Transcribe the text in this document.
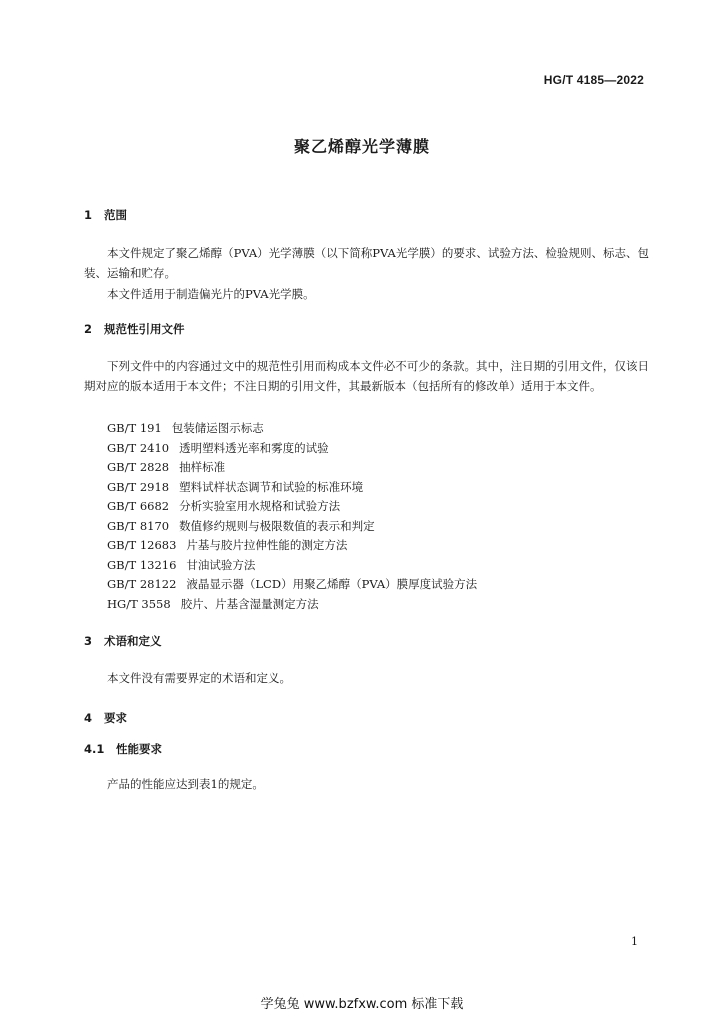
HG/T 4185—2022
聚乙烯醇光学薄膜
1 范围
本文件规定了聚乙烯醇（PVA）光学薄膜（以下简称PVA光学膜）的要求、试验方法、检验规则、标志、包装、运输和贮存。
本文件适用于制造偏光片的PVA光学膜。
2 规范性引用文件
下列文件中的内容通过文中的规范性引用而构成本文件必不可少的条款。其中，注日期的引用文件，仅该日期对应的版本适用于本文件；不注日期的引用文件，其最新版本（包括所有的修改单）适用于本文件。
GB/T 191 包装储运图示标志
GB/T 2410 透明塑料透光率和雾度的试验
GB/T 2828 抽样标准
GB/T 2918 塑料试样状态调节和试验的标准环境
GB/T 6682 分析实验室用水规格和试验方法
GB/T 8170 数值修约规则与极限数值的表示和判定
GB/T 12683 片基与胶片拉伸性能的测定方法
GB/T 13216 甘油试验方法
GB/T 28122 液晶显示器（LCD）用聚乙烯醇（PVA）膜厚度试验方法
HG/T 3558 胶片、片基含湿量测定方法
3 术语和定义
本文件没有需要界定的术语和定义。
4 要求
4.1 性能要求
产品的性能应达到表1的规定。
1
学兔兔 www.bzfxw.com 标准下载
